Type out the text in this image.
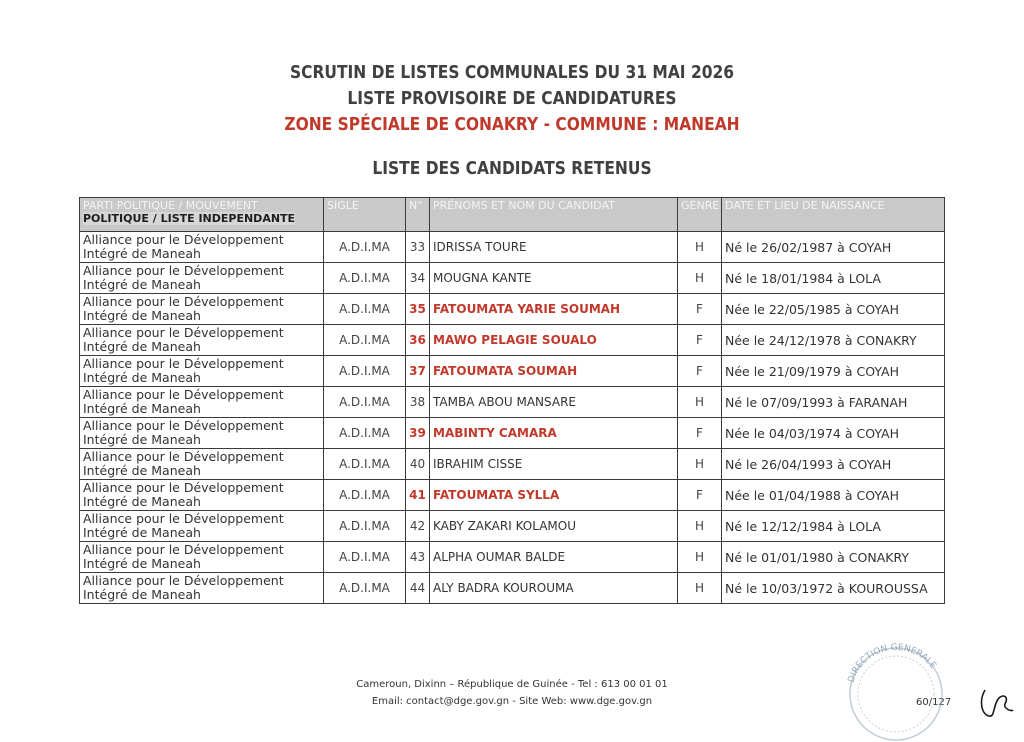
SCRUTIN DE LISTES COMMUNALES DU 31 MAI 2026
LISTE PROVISOIRE DE CANDIDATURES
ZONE SPÉCIALE DE CONAKRY - COMMUNE : MANEAH
LISTE DES CANDIDATS RETENUS
PARTI POLITIQUE / MOUVEMENT
POLITIQUE / LISTE INDEPENDANTE	SIGLE	N°	PRÉNOMS ET NOM DU CANDIDAT	GENRE	DATE ET LIEU DE NAISSANCE

Alliance pour le Développement
Intégré de Maneah	A.D.I.MA	33	IDRISSA TOURE	H	Né le 26/02/1987 à COYAH

Alliance pour le Développement
Intégré de Maneah	A.D.I.MA	34	MOUGNA KANTE	H	Né le 18/01/1984 à LOLA

Alliance pour le Développement
Intégré de Maneah	A.D.I.MA	35	FATOUMATA YARIE SOUMAH	F	Née le 22/05/1985 à COYAH

Alliance pour le Développement
Intégré de Maneah	A.D.I.MA	36	MAWO PELAGIE SOUALO	F	Née le 24/12/1978 à CONAKRY

Alliance pour le Développement
Intégré de Maneah	A.D.I.MA	37	FATOUMATA SOUMAH	F	Née le 21/09/1979 à COYAH

Alliance pour le Développement
Intégré de Maneah	A.D.I.MA	38	TAMBA ABOU MANSARE	H	Né le 07/09/1993 à FARANAH

Alliance pour le Développement
Intégré de Maneah	A.D.I.MA	39	MABINTY CAMARA	F	Née le 04/03/1974 à COYAH

Alliance pour le Développement
Intégré de Maneah	A.D.I.MA	40	IBRAHIM CISSE	H	Né le 26/04/1993 à COYAH

Alliance pour le Développement
Intégré de Maneah	A.D.I.MA	41	FATOUMATA SYLLA	F	Née le 01/04/1988 à COYAH

Alliance pour le Développement
Intégré de Maneah	A.D.I.MA	42	KABY ZAKARI KOLAMOU	H	Né le 12/12/1984 à LOLA

Alliance pour le Développement
Intégré de Maneah	A.D.I.MA	43	ALPHA OUMAR BALDE	H	Né le 01/01/1980 à CONAKRY

Alliance pour le Développement
Intégré de Maneah	A.D.I.MA	44	ALY BADRA KOUROUMA	H	Né le 10/03/1972 à KOUROUSSA
Cameroun, Dixinn – République de Guinée - Tel : 613 00 01 01
Email: contact@dge.gov.gn - Site Web: www.dge.gov.gn	60/127
DIRECTION GENERALE
